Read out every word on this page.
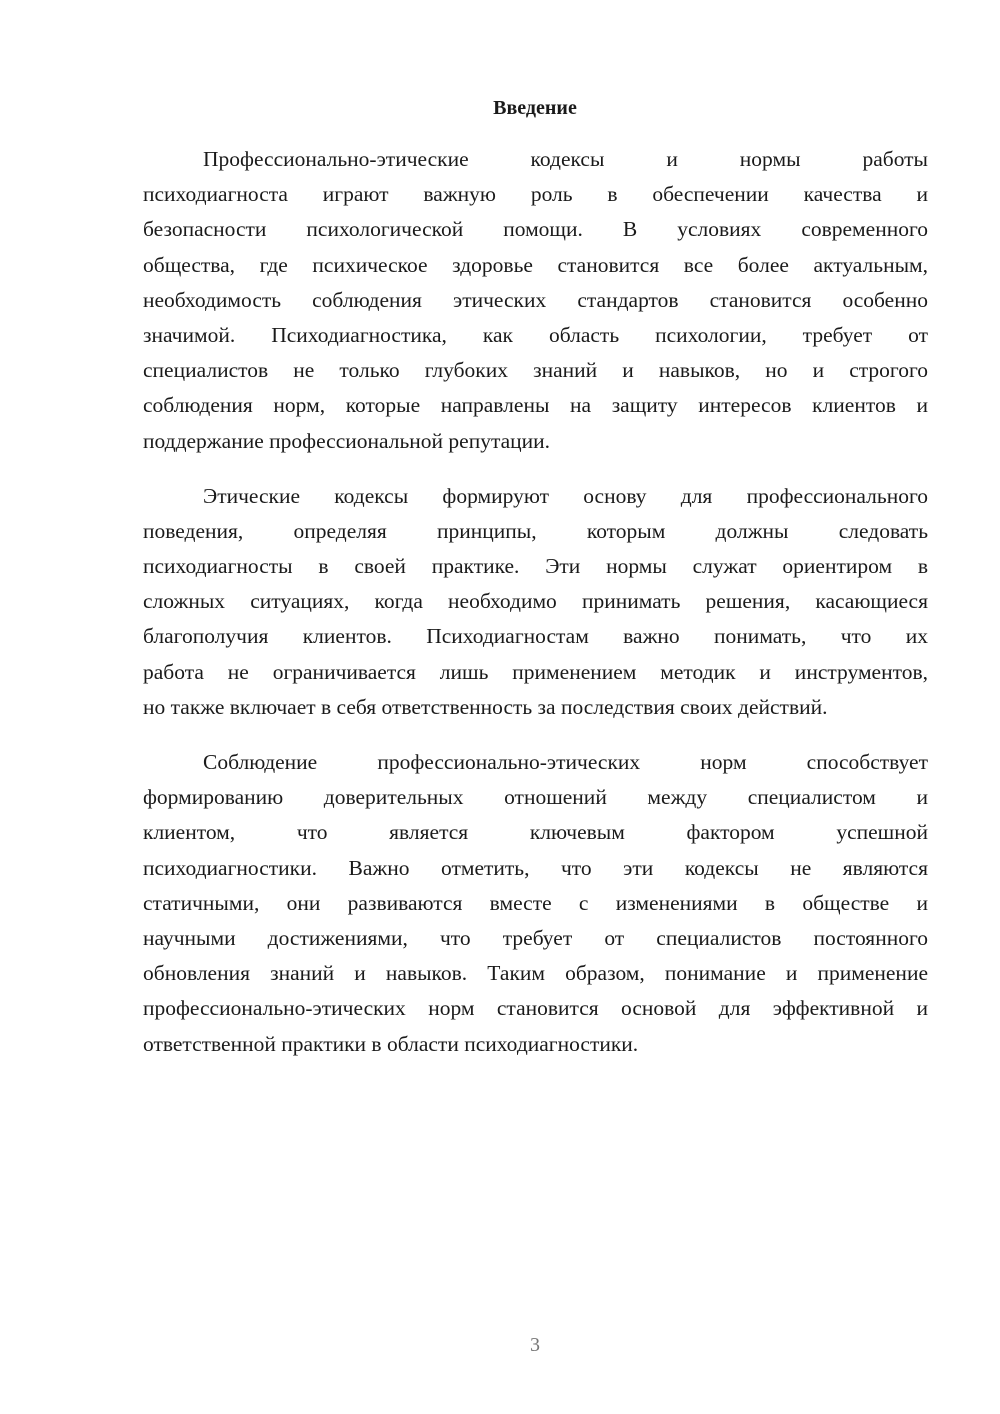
Введение
Профессионально-этические кодексы и нормы работы
психодиагноста играют важную роль в обеспечении качества и
безопасности психологической помощи. В условиях современного
общества, где психическое здоровье становится все более актуальным,
необходимость соблюдения этических стандартов становится особенно
значимой. Психодиагностика, как область психологии, требует от
специалистов не только глубоких знаний и навыков, но и строгого
соблюдения норм, которые направлены на защиту интересов клиентов и
поддержание профессиональной репутации.
Этические кодексы формируют основу для профессионального
поведения, определяя принципы, которым должны следовать
психодиагносты в своей практике. Эти нормы служат ориентиром в
сложных ситуациях, когда необходимо принимать решения, касающиеся
благополучия клиентов. Психодиагностам важно понимать, что их
работа не ограничивается лишь применением методик и инструментов,
но также включает в себя ответственность за последствия своих действий.
Соблюдение профессионально-этических норм способствует
формированию доверительных отношений между специалистом и
клиентом, что является ключевым фактором успешной
психодиагностики. Важно отметить, что эти кодексы не являются
статичными, они развиваются вместе с изменениями в обществе и
научными достижениями, что требует от специалистов постоянного
обновления знаний и навыков. Таким образом, понимание и применение
профессионально-этических норм становится основой для эффективной и
ответственной практики в области психодиагностики.
3
